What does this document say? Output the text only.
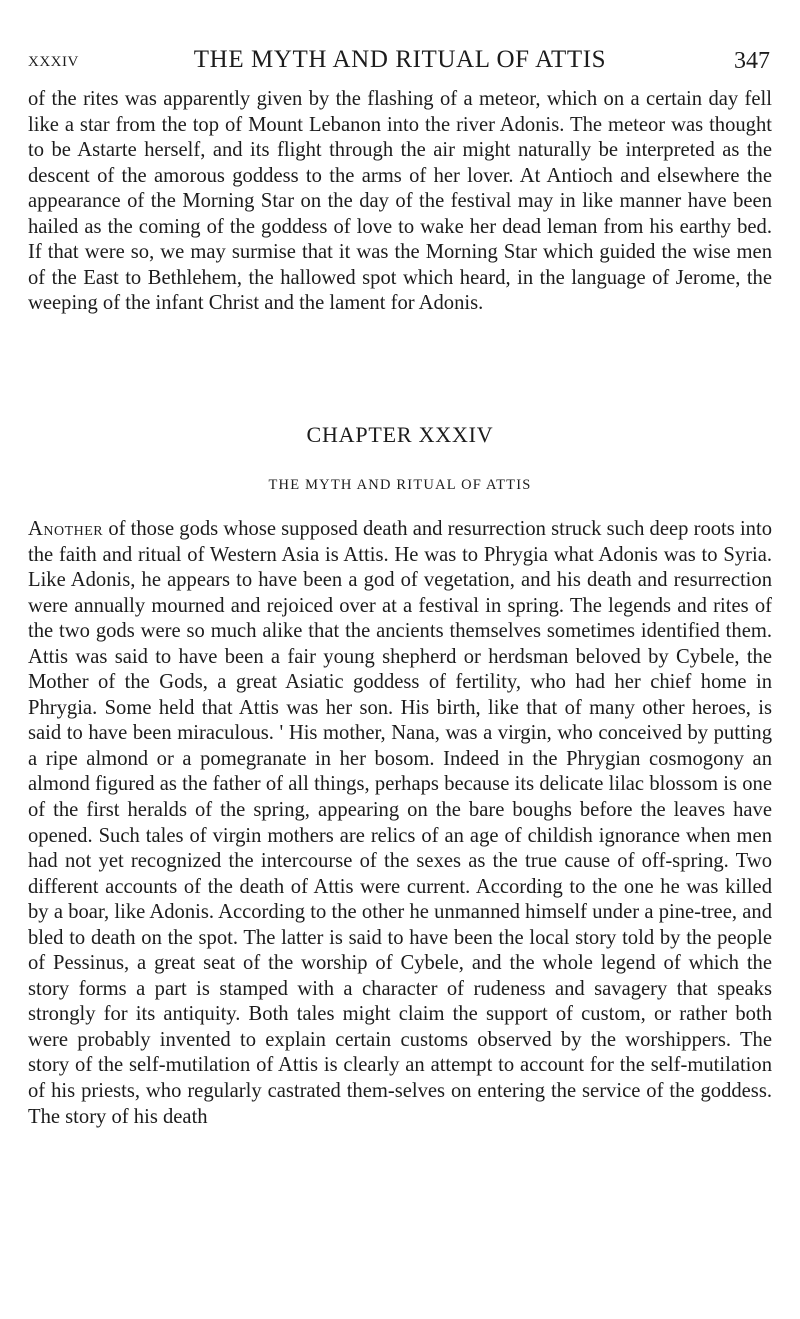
xxxiv	THE MYTH AND RITUAL OF ATTIS	347
of the rites was apparently given by the flashing of a meteor, which on a certain day fell like a star from the top of Mount Lebanon into the river Adonis. The meteor was thought to be Astarte herself, and its flight through the air might naturally be interpreted as the descent of the amorous goddess to the arms of her lover. At Antioch and elsewhere the appearance of the Morning Star on the day of the festival may in like manner have been hailed as the coming of the goddess of love to wake her dead leman from his earthy bed. If that were so, we may surmise that it was the Morning Star which guided the wise men of the East to Bethlehem, the hallowed spot which heard, in the language of Jerome, the weeping of the infant Christ and the lament for Adonis.
CHAPTER XXXIV
THE MYTH AND RITUAL OF ATTIS
Another of those gods whose supposed death and resurrection struck such deep roots into the faith and ritual of Western Asia is Attis. He was to Phrygia what Adonis was to Syria. Like Adonis, he appears to have been a god of vegetation, and his death and resurrection were annually mourned and rejoiced over at a festival in spring. The legends and rites of the two gods were so much alike that the ancients themselves sometimes identified them. Attis was said to have been a fair young shepherd or herdsman beloved by Cybele, the Mother of the Gods, a great Asiatic goddess of fertility, who had her chief home in Phrygia. Some held that Attis was her son. His birth, like that of many other heroes, is said to have been miraculous. ' His mother, Nana, was a virgin, who conceived by putting a ripe almond or a pomegranate in her bosom. Indeed in the Phrygian cosmogony an almond figured as the father of all things, perhaps because its delicate lilac blossom is one of the first heralds of the spring, appearing on the bare boughs before the leaves have opened. Such tales of virgin mothers are relics of an age of childish ignorance when men had not yet recognized the intercourse of the sexes as the true cause of off-spring. Two different accounts of the death of Attis were current. According to the one he was killed by a boar, like Adonis. According to the other he unmanned himself under a pine-tree, and bled to death on the spot. The latter is said to have been the local story told by the people of Pessinus, a great seat of the worship of Cybele, and the whole legend of which the story forms a part is stamped with a character of rudeness and savagery that speaks strongly for its antiquity. Both tales might claim the support of custom, or rather both were probably invented to explain certain customs observed by the worshippers. The story of the self-mutilation of Attis is clearly an attempt to account for the self-mutilation of his priests, who regularly castrated them-selves on entering the service of the goddess. The story of his death
